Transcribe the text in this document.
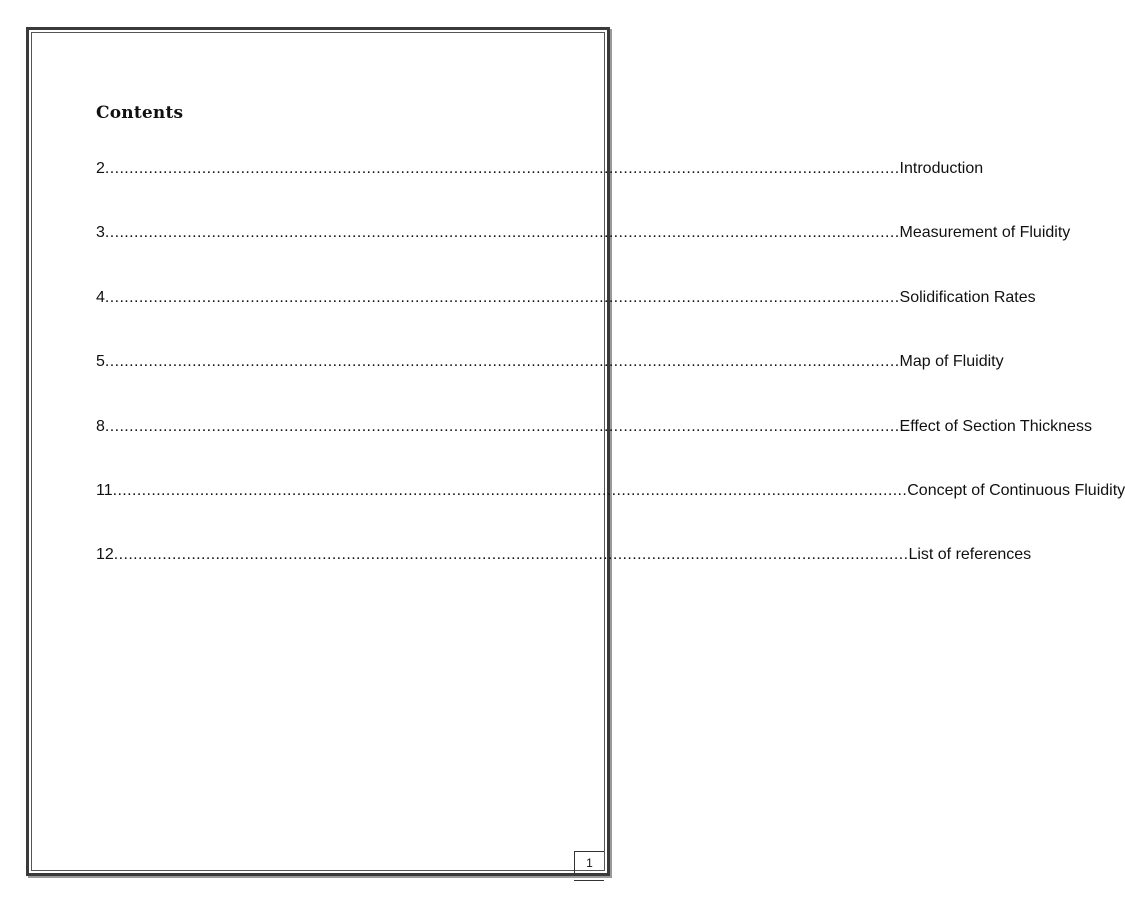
Contents
2 .................................................................................................................................................................... Introduction
3 .................................................................................................................................................................... Measurement of Fluidity
4 .................................................................................................................................................................... Solidification Rates
5 .................................................................................................................................................................... Map of Fluidity
8 .................................................................................................................................................................... Effect of Section Thickness
11 .................................................................................................................................................................... Concept of Continuous Fluidity
12 .................................................................................................................................................................... List of references
1
